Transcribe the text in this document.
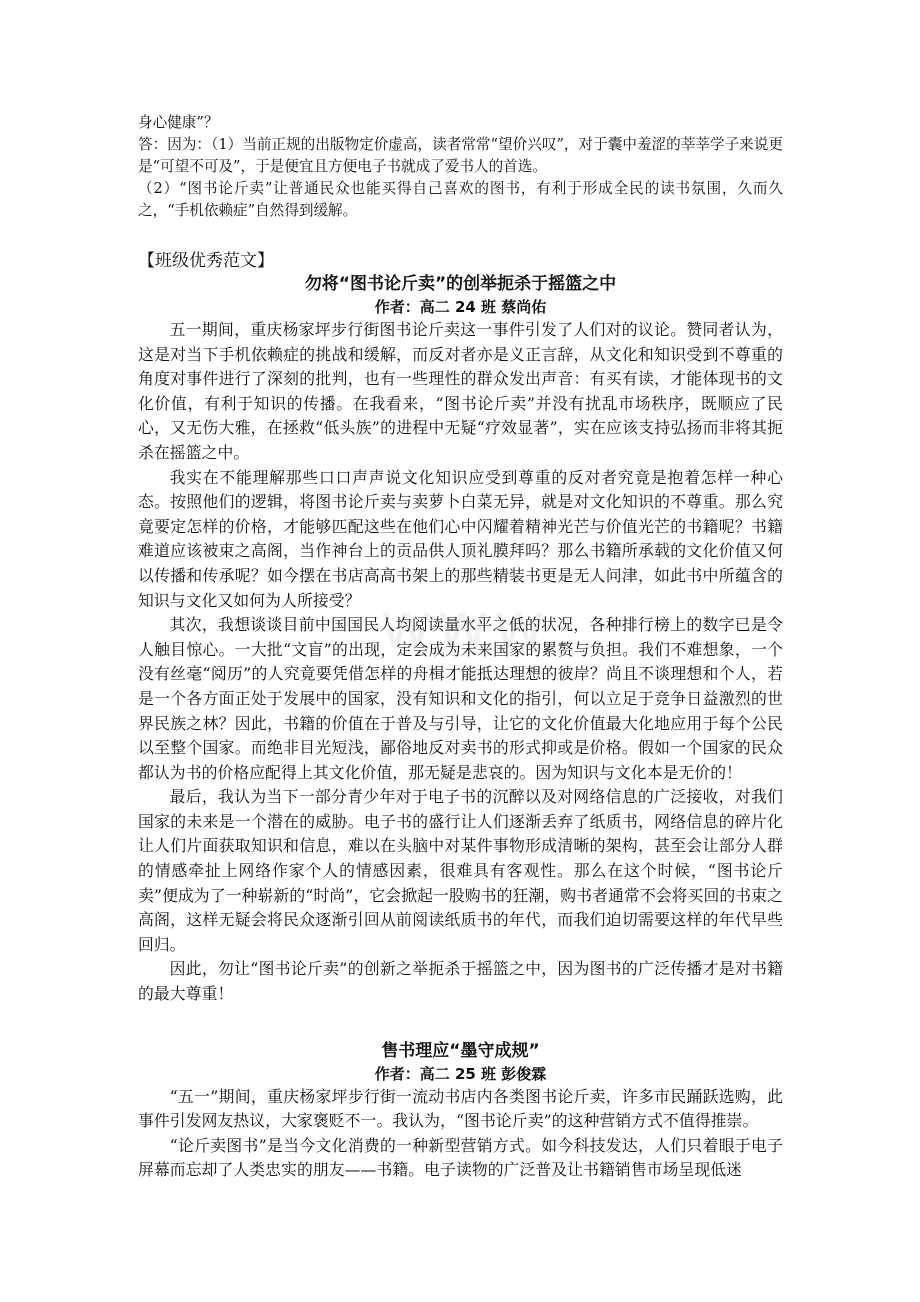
www

身心健康”？

答：因为：（1）当前正规的出版物定价虚高，读者常常“望价兴叹”，对于囊中羞涩的莘莘学子来说更是“可望不可及”，于是便宜且方便电子书就成了爱书人的首选。

（2）“图书论斤卖”让普通民众也能买得自己喜欢的图书，有利于形成全民的读书氛围，久而久之，“手机依赖症”自然得到缓解。

【班级优秀范文】

勿将“图书论斤卖”的创举扼杀于摇篮之中

作者：高二 24 班 蔡尚佑

五一期间，重庆杨家坪步行街图书论斤卖这一事件引发了人们对的议论。赞同者认为，这是对当下手机依赖症的挑战和缓解，而反对者亦是义正言辞，从文化和知识受到不尊重的角度对事件进行了深刻的批判，也有一些理性的群众发出声音：有买有读，才能体现书的文化价值，有利于知识的传播。在我看来，“图书论斤卖”并没有扰乱市场秩序，既顺应了民心，又无伤大雅，在拯救“低头族”的进程中无疑“疗效显著”，实在应该支持弘扬而非将其扼杀在摇篮之中。

我实在不能理解那些口口声声说文化知识应受到尊重的反对者究竟是抱着怎样一种心态。按照他们的逻辑，将图书论斤卖与卖萝卜白菜无异，就是对文化知识的不尊重。那么究竟要定怎样的价格，才能够匹配这些在他们心中闪耀着精神光芒与价值光芒的书籍呢？书籍难道应该被束之高阁，当作神台上的贡品供人顶礼膜拜吗？那么书籍所承载的文化价值又何以传播和传承呢？如今摆在书店高高书架上的那些精装书更是无人问津，如此书中所蕴含的知识与文化又如何为人所接受？

其次，我想谈谈目前中国国民人均阅读量水平之低的状况，各种排行榜上的数字已是令人触目惊心。一大批“文盲”的出现，定会成为未来国家的累赘与负担。我们不难想象，一个没有丝毫“阅历”的人究竟要凭借怎样的舟楫才能抵达理想的彼岸？尚且不谈理想和个人，若是一个各方面正处于发展中的国家，没有知识和文化的指引，何以立足于竞争日益激烈的世界民族之林？因此，书籍的价值在于普及与引导，让它的文化价值最大化地应用于每个公民以至整个国家。而绝非目光短浅，鄙俗地反对卖书的形式抑或是价格。假如一个国家的民众都认为书的价格应配得上其文化价值，那无疑是悲哀的。因为知识与文化本是无价的！

最后，我认为当下一部分青少年对于电子书的沉醉以及对网络信息的广泛接收，对我们国家的未来是一个潜在的威胁。电子书的盛行让人们逐渐丢弃了纸质书，网络信息的碎片化让人们片面获取知识和信息，难以在头脑中对某件事物形成清晰的架构，甚至会让部分人群的情感牵扯上网络作家个人的情感因素，很难具有客观性。那么在这个时候，“图书论斤卖”便成为了一种崭新的“时尚”，它会掀起一股购书的狂潮，购书者通常不会将买回的书束之高阁，这样无疑会将民众逐渐引回从前阅读纸质书的年代，而我们迫切需要这样的年代早些回归。

因此，勿让“图书论斤卖”的创新之举扼杀于摇篮之中，因为图书的广泛传播才是对书籍的最大尊重！

售书理应“墨守成规”

作者：高二 25 班 彭俊霖

“五一”期间，重庆杨家坪步行街一流动书店内各类图书论斤卖，许多市民踊跃选购，此事件引发网友热议，大家褒贬不一。我认为，“图书论斤卖”的这种营销方式不值得推崇。

“论斤卖图书”是当今文化消费的一种新型营销方式。如今科技发达，人们只着眼于电子屏幕而忘却了人类忠实的朋友——书籍。电子读物的广泛普及让书籍销售市场呈现低迷
